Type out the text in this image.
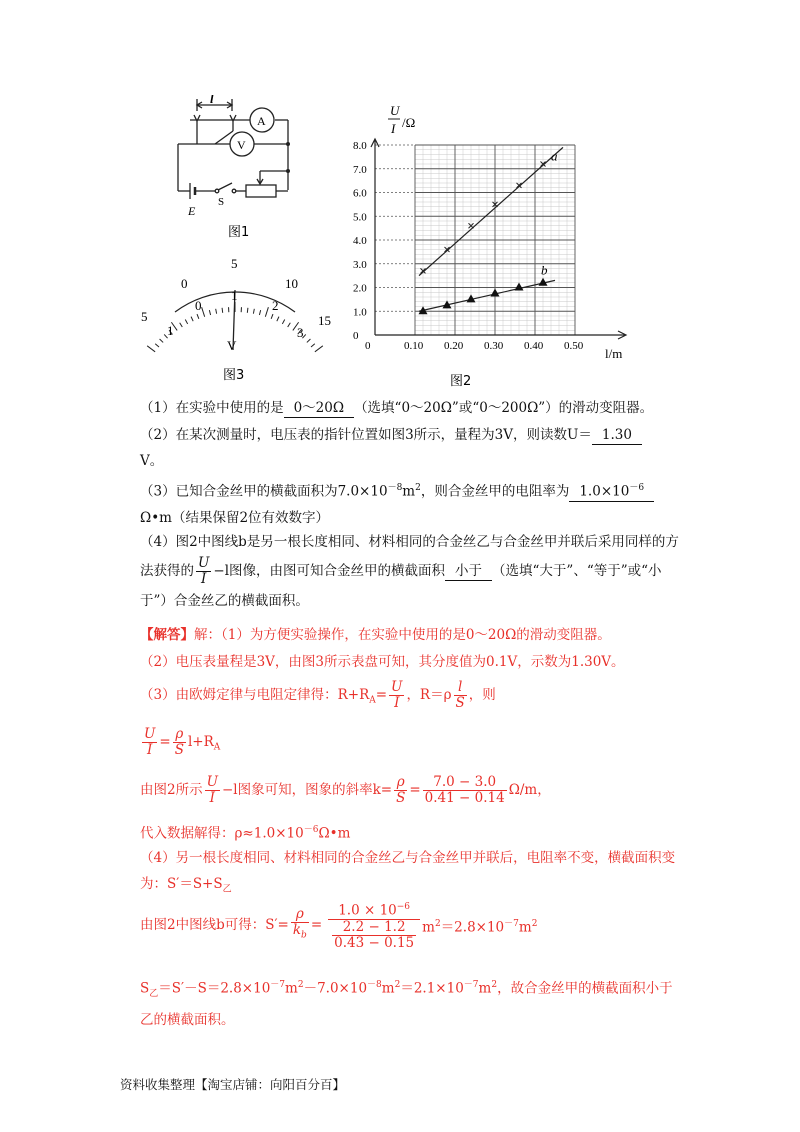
l
A
V
E
S
图1
5
0
5
10
15
1
0
1
2
3
V
图3
U
I /Ω
l/m
图2
0.10 0.20 0.30 0.40 0.50
0
1.0
2.0
3.0
4.0
5.0
6.0
7.0
8.0
0
a
b
（1）在实验中使用的是 0～20Ω （选填“0～20Ω”或“0～200Ω”）的滑动变阻器。
（2）在某次测量时，电压表的指针位置如图3所示，量程为3V，则读数U＝ 1.30
V。
（3）已知合金丝甲的横截面积为$7.0\times 10^{-8}m^2$，则合金丝甲的电阻率为 $1.0\times 10^{-6}$
Ω•m（结果保留2位有效数字）
（4）图2中图线b是另一根长度相同、材料相同的合金丝乙与合金丝甲并联后采用同样的方法获得的 $\frac{U}{I} -l$图像，由图可知合金丝甲的横截面积 小于 （选填“大于”、“等于”或“小于”）合金丝乙的横截面积。
【解答】解：（1）为方便实验操作，在实验中使用的是0～20Ω的滑动变阻器。
（2）电压表量程是3V，由图3所示表盘可知，其分度值为0.1V，示数为1.30V。
（3）由欧姆定律与电阻定律得：$R+R_A= \frac{U}{I}$ ，$R=\rho \frac{l}{S}$ ，则
$\frac{U}{I} = \frac{\rho}{S} l+R_A$
由图2所示 $\frac{U}{I} -l$图象可知，图象的斜率$k= \frac{\rho}{S} = \frac{7.0 - 3.0}{0.41 - 0.14} \Omega/m$，
代入数据解得：$\rho\approx 1.0\times 10^{-6}\Omega•m$
（4）另一根长度相同、材料相同的合金丝乙与合金丝甲并联后，电阻率不变，横截面积变为：$S'=S+S_乙$
由图2中图线b可得：$S'= \frac{\rho}{k_b} = \frac{1.0 \times 10^{-6}}{\frac{2.2 - 1.2}{0.43 - 0.15}} m^2=2.8\times 10^{-7}m^2$
$S_乙=S'-S=2.8\times 10^{-7}m^2-7.0\times 10^{-8}m^2=2.1\times 10^{-7}m^2$，故合金丝甲的横截面积小于乙的横截面积。
资料收集整理【淘宝店铺：向阳百分百】
